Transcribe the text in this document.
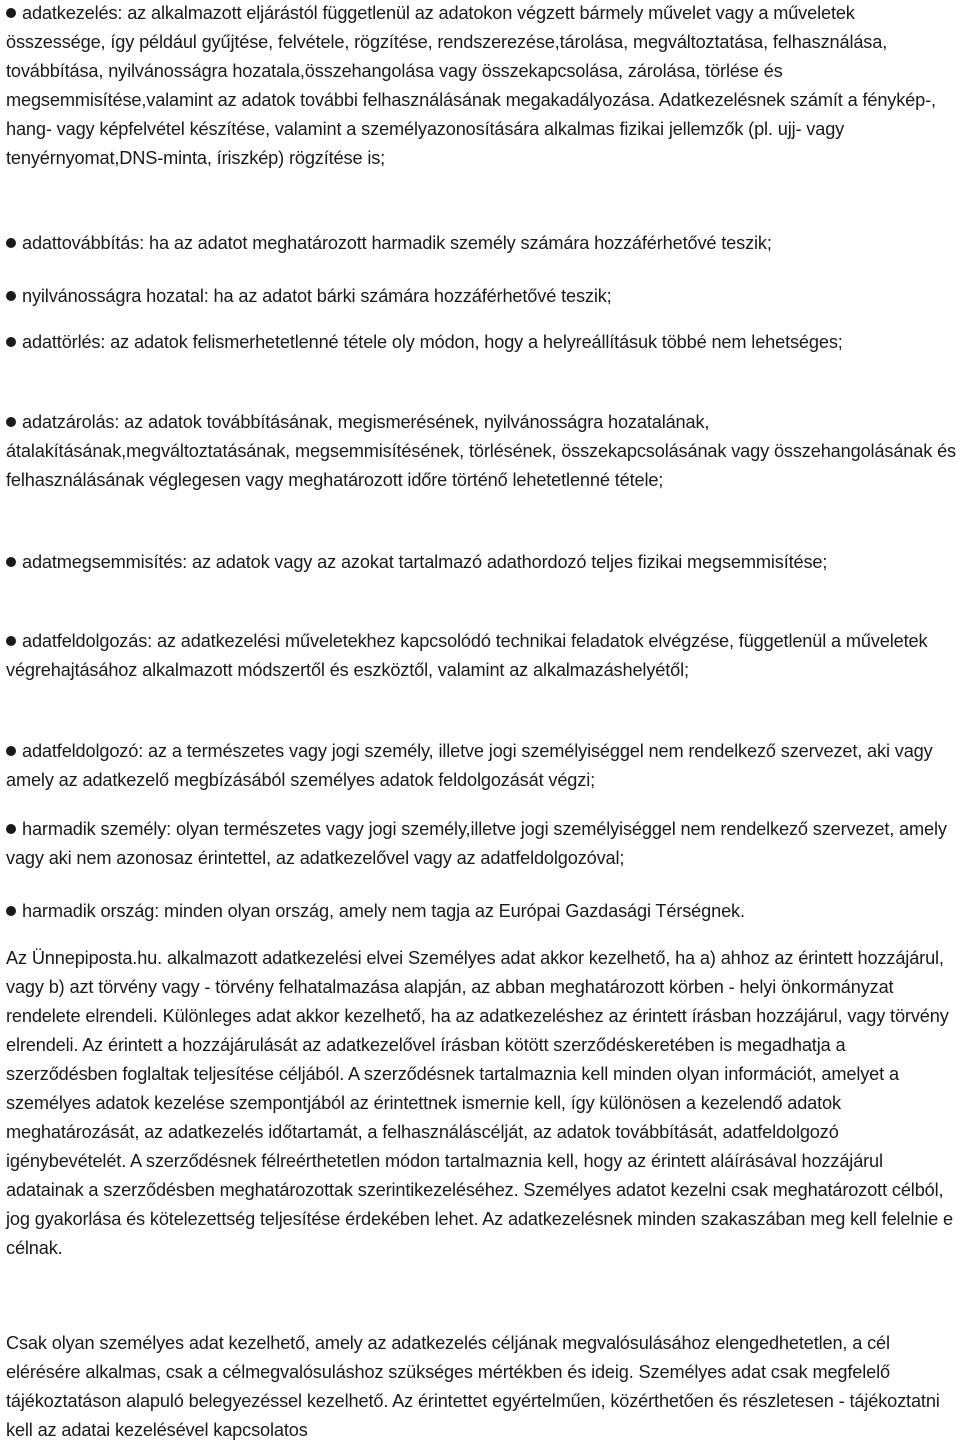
adatkezelés: az alkalmazott eljárástól függetlenül az adatokon végzett bármely művelet vagy a műveletek összessége, így például gyűjtése, felvétele, rögzítése, rendszerezése,tárolása, megváltoztatása, felhasználása, továbbítása, nyilvánosságra hozatala,összehangolása vagy összekapcsolása, zárolása, törlése és megsemmisítése,valamint az adatok további felhasználásának megakadályozása. Adatkezelésnek számít a fénykép-, hang- vagy képfelvétel készítése, valamint a személyazonosítására alkalmas fizikai jellemzők (pl. ujj- vagy tenyérnyomat,DNS-minta, íriszkép) rögzítése is;
adattovábbítás: ha az adatot meghatározott harmadik személy számára hozzáférhetővé teszik;
nyilvánosságra hozatal: ha az adatot bárki számára hozzáférhetővé teszik;
adattörlés: az adatok felismerhetetlenné tétele oly módon, hogy a helyreállításuk többé nem lehetséges;
adatzárolás: az adatok továbbításának, megismerésének, nyilvánosságra hozatalának, átalakításának,megváltoztatásának, megsemmisítésének, törlésének, összekapcsolásának vagy összehangolásának és felhasználásának véglegesen vagy meghatározott időre történő lehetetlenné tétele;
adatmegsemmisítés: az adatok vagy az azokat tartalmazó adathordozó teljes fizikai megsemmisítése;
adatfeldolgozás: az adatkezelési műveletekhez kapcsolódó technikai feladatok elvégzése, függetlenül a műveletek végrehajtásához alkalmazott módszertől és eszköztől, valamint az alkalmazáshelyétől;
adatfeldolgozó: az a természetes vagy jogi személy, illetve jogi személyiséggel nem rendelkező szervezet, aki vagy amely az adatkezelő megbízásából személyes adatok feldolgozását végzi;
harmadik személy: olyan természetes vagy jogi személy,illetve jogi személyiséggel nem rendelkező szervezet, amely vagy aki nem azonosaz érintettel, az adatkezelővel vagy az adatfeldolgozóval;
harmadik ország: minden olyan ország, amely nem tagja az Európai Gazdasági Térségnek.

Az Ünnepiposta.hu. alkalmazott adatkezelési elvei Személyes adat akkor kezelhető, ha a) ahhoz az érintett hozzájárul, vagy b) azt törvény vagy - törvény felhatalmazása alapján, az abban meghatározott körben - helyi önkormányzat rendelete elrendeli. Különleges adat akkor kezelhető, ha az adatkezeléshez az érintett írásban hozzájárul, vagy törvény elrendeli. Az érintett a hozzájárulását az adatkezelővel írásban kötött szerződéskeretében is megadhatja a szerződésben foglaltak teljesítése céljából. A szerződésnek tartalmaznia kell minden olyan információt, amelyet a személyes adatok kezelése szempontjából az érintettnek ismernie kell, így különösen a kezelendő adatok meghatározását, az adatkezelés időtartamát, a felhasználáscélját, az adatok továbbítását, adatfeldolgozó igénybevételét. A szerződésnek félreérthetetlen módon tartalmaznia kell, hogy az érintett aláírásával hozzájárul adatainak a szerződésben meghatározottak szerintikezeléséhez. Személyes adatot kezelni csak meghatározott célból, jog gyakorlása és kötelezettség teljesítése érdekében lehet. Az adatkezelésnek minden szakaszában meg kell felelnie e célnak.

Csak olyan személyes adat kezelhető, amely az adatkezelés céljának megvalósulásához elengedhetetlen, a cél elérésére alkalmas, csak a célmegvalósuláshoz szükséges mértékben és ideig. Személyes adat csak megfelelő tájékoztatáson alapuló belegyezéssel kezelhető. Az érintettet egyértelműen, közérthetően és részletesen - tájékoztatni kell az adatai kezelésével kapcsolatos
